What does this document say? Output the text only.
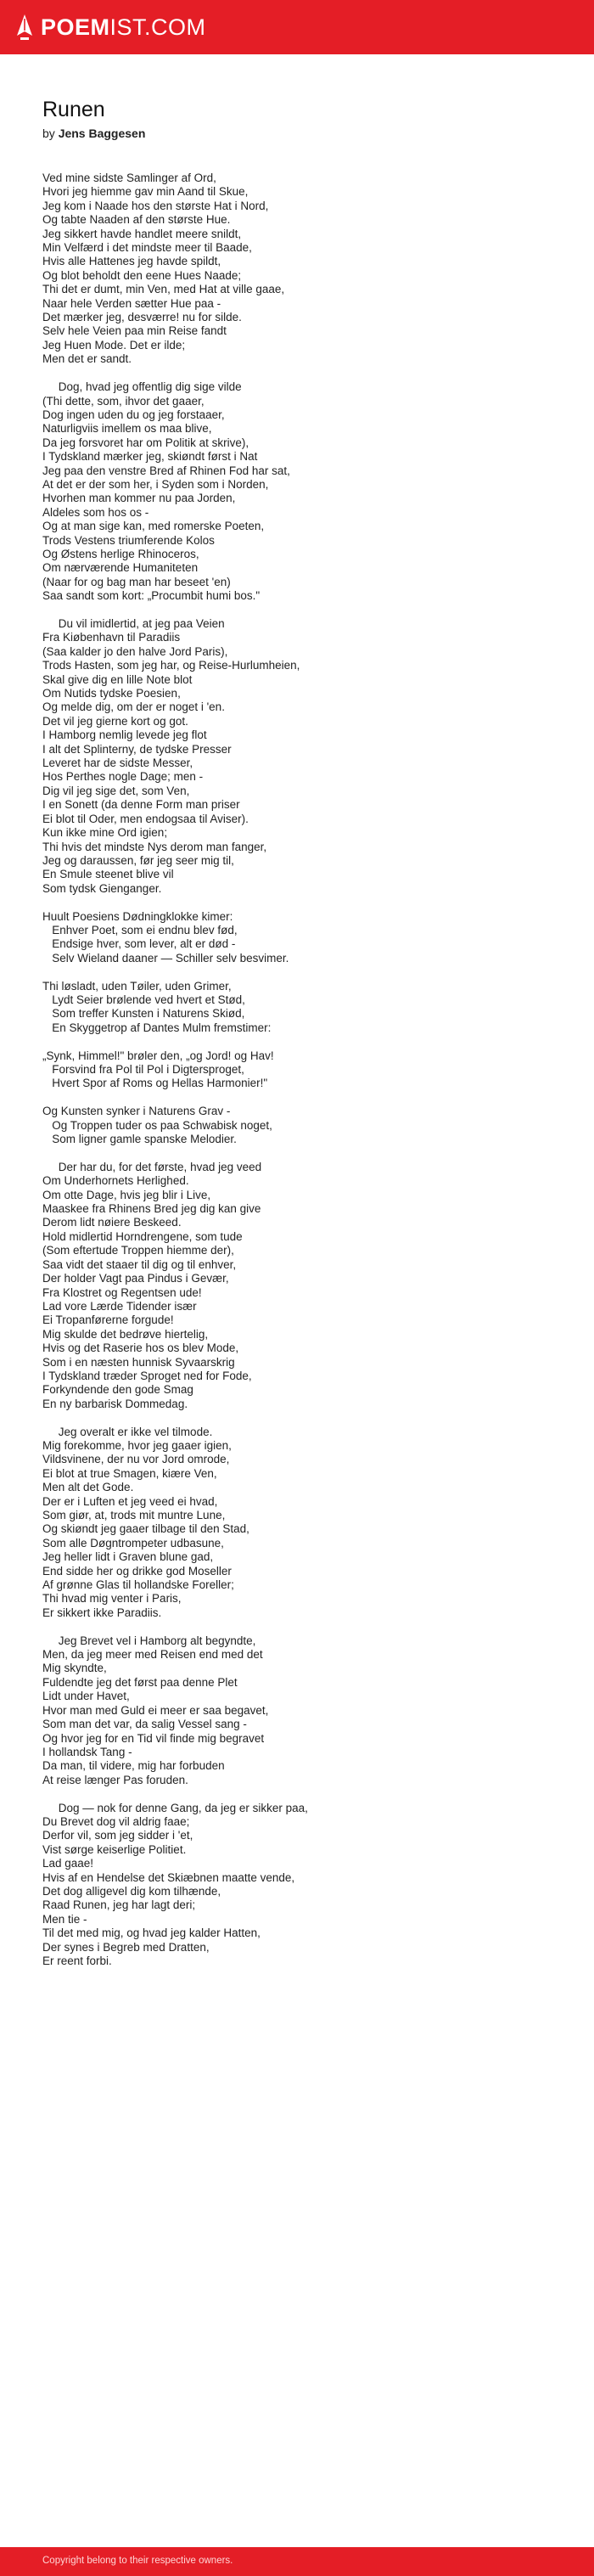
POEMIST.COM
Runen
by Jens Baggesen
Ved mine sidste Samlinger af Ord,
Hvori jeg hiemme gav min Aand til Skue,
Jeg kom i Naade hos den største Hat i Nord,
Og tabte Naaden af den største Hue.
Jeg sikkert havde handlet meere snildt,
Min Velfærd i det mindste meer til Baade,
Hvis alle Hattenes jeg havde spildt,
Og blot beholdt den eene Hues Naade;
Thi det er dumt, min Ven, med Hat at ville gaae,
Naar hele Verden sætter Hue paa -
Det mærker jeg, desværre! nu for silde.
Selv hele Veien paa min Reise fandt
Jeg Huen Mode. Det er ilde;
Men det er sandt.

Dog, hvad jeg offentlig dig sige vilde
(Thi dette, som, ihvor det gaaer,
Dog ingen uden du og jeg forstaaer,
Naturligviis imellem os maa blive,
Da jeg forsvoret har om Politik at skrive),
I Tydskland mærker jeg, skiøndt først i Nat
Jeg paa den venstre Bred af Rhinen Fod har sat,
At det er der som her, i Syden som i Norden,
Hvorhen man kommer nu paa Jorden,
Aldeles som hos os -
Og at man sige kan, med romerske Poeten,
Trods Vestens triumferende Kolos
Og Østens herlige Rhinoceros,
Om nærværende Humaniteten
(Naar for og bag man har beseet 'en)
Saa sandt som kort: „Procumbit humi bos."

Du vil imidlertid, at jeg paa Veien
Fra Kiøbenhavn til Paradiis
(Saa kalder jo den halve Jord Paris),
Trods Hasten, som jeg har, og Reise-Hurlumheien,
Skal give dig en lille Note blot
Om Nutids tydske Poesien,
Og melde dig, om der er noget i 'en.
Det vil jeg gierne kort og got.
I Hamborg nemlig levede jeg flot
I alt det Splinterny, de tydske Presser
Leveret har de sidste Messer,
Hos Perthes nogle Dage; men -
Dig vil jeg sige det, som Ven,
I en Sonett (da denne Form man priser
Ei blot til Oder, men endogsaa til Aviser).
Kun ikke mine Ord igien;
Thi hvis det mindste Nys derom man fanger,
Jeg og daraussen, før jeg seer mig til,
En Smule steenet blive vil
Som tydsk Gienganger.

Huult Poesiens Dødningklokke kimer:
Enhver Poet, som ei endnu blev fød,
Endsige hver, som lever, alt er død -
Selv Wieland daaner — Schiller selv besvimer.

Thi løsladt, uden Tøiler, uden Grimer,
Lydt Seier brølende ved hvert et Stød,
Som treffer Kunsten i Naturens Skiød,
En Skyggetrop af Dantes Mulm fremstimer:

„Synk, Himmel!" brøler den, „og Jord! og Hav!
Forsvind fra Pol til Pol i Digtersproget,
Hvert Spor af Roms og Hellas Harmonier!"

Og Kunsten synker i Naturens Grav -
Og Troppen tuder os paa Schwabisk noget,
Som ligner gamle spanske Melodier.

Der har du, for det første, hvad jeg veed
Om Underhornets Herlighed.
Om otte Dage, hvis jeg blir i Live,
Maaskee fra Rhinens Bred jeg dig kan give
Derom lidt nøiere Beskeed.
Hold midlertid Horndrengene, som tude
(Som eftertude Troppen hiemme der),
Saa vidt det staaer til dig og til enhver,
Der holder Vagt paa Pindus i Gevær,
Fra Klostret og Regentsen ude!
Lad vore Lærde Tidender især
Ei Tropanførerne forgude!
Mig skulde det bedrøve hiertelig,
Hvis og det Raserie hos os blev Mode,
Som i en næsten hunnisk Syvaarskrig
I Tydskland træder Sproget ned for Fode,
Forkyndende den gode Smag
En ny barbarisk Dommedag.

Jeg overalt er ikke vel tilmode.
Mig forekomme, hvor jeg gaaer igien,
Vildsvinene, der nu vor Jord omrode,
Ei blot at true Smagen, kiære Ven,
Men alt det Gode.
Der er i Luften et jeg veed ei hvad,
Som giør, at, trods mit muntre Lune,
Og skiøndt jeg gaaer tilbage til den Stad,
Som alle Døgntrompeter udbasune,
Jeg heller lidt i Graven blune gad,
End sidde her og drikke god Moseller
Af grønne Glas til hollandske Foreller;
Thi hvad mig venter i Paris,
Er sikkert ikke Paradiis.

Jeg Brevet vel i Hamborg alt begyndte,
Men, da jeg meer med Reisen end med det
Mig skyndte,
Fuldendte jeg det først paa denne Plet
Lidt under Havet,
Hvor man med Guld ei meer er saa begavet,
Som man det var, da salig Vessel sang -
Og hvor jeg for en Tid vil finde mig begravet
I hollandsk Tang -
Da man, til videre, mig har forbuden
At reise længer Pas foruden.

Dog — nok for denne Gang, da jeg er sikker paa,
Du Brevet dog vil aldrig faae;
Derfor vil, som jeg sidder i 'et,
Vist sørge keiserlige Politiet.
Lad gaae!
Hvis af en Hendelse det Skiæbnen maatte vende,
Det dog alligevel dig kom tilhænde,
Raad Runen, jeg har lagt deri;
Men tie -
Til det med mig, og hvad jeg kalder Hatten,
Der synes i Begreb med Dratten,
Er reent forbi.
Copyright belong to their respective owners.
